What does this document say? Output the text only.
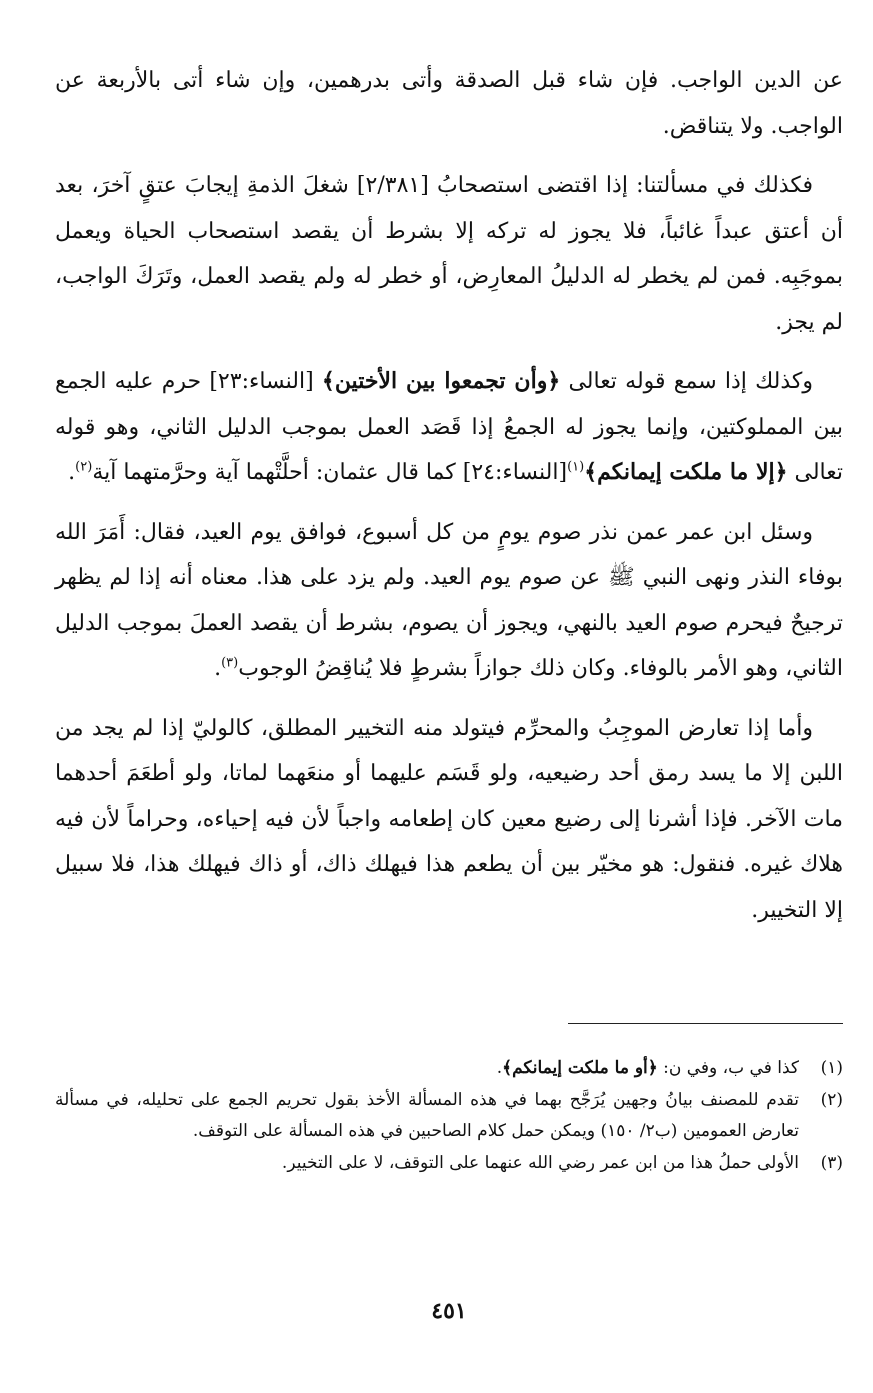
عن الدين الواجب. فإن شاء قبل الصدقة وأتى بدرهمين، وإن شاء أتى بالأربعة عن الواجب. ولا يتناقض.

فكذلك في مسألتنا: إذا اقتضى استصحابُ [٢/٣٨١] شغلَ الذمةِ إيجابَ عتقٍ آخرَ، بعد أن أعتق عبداً غائباً، فلا يجوز له تركه إلا بشرط أن يقصد استصحاب الحياة ويعمل بموجَبِه. فمن لم يخطر له الدليلُ المعارِض، أو خطر له ولم يقصد العمل، وتَرَكَ الواجب، لم يجز.

وكذلك إذا سمع قوله تعالى ﴿وأن تجمعوا بين الأختين﴾ [النساء:٢٣] حرم عليه الجمع بين المملوكتين، وإنما يجوز له الجمعُ إذا قَصَد العمل بموجب الدليل الثاني، وهو قوله تعالى ﴿إلا ما ملكت إيمانكم﴾$^{(١)}$[النساء:٢٤] كما قال عثمان: أحلَّتْهما آية وحرَّمتهما آية$^{(٢)}$.

وسئل ابن عمر عمن نذر صوم يومٍ من كل أسبوع، فوافق يوم العيد، فقال: أَمَرَ الله بوفاء النذر ونهى النبي ﷺ عن صوم يوم العيد. ولم يزد على هذا. معناه أنه إذا لم يظهر ترجيحٌ فيحرم صوم العيد بالنهي، ويجوز أن يصوم، بشرط أن يقصد العملَ بموجب الدليل الثاني، وهو الأمر بالوفاء. وكان ذلك جوازاً بشرطٍ فلا يُناقِضُ الوجوب$^{(٣)}$.

وأما إذا تعارض الموجِبُ والمحرِّم فيتولد منه التخيير المطلق، كالوليّ إذا لم يجد من اللبن إلا ما يسد رمق أحد رضيعيه، ولو قَسَم عليهما أو منعَهما لماتا، ولو أطعَمَ أحدهما مات الآخر. فإذا أشرنا إلى رضيع معين كان إطعامه واجباً لأن فيه إحياءه، وحراماً لأن فيه هلاك غيره. فنقول: هو مخيّر بين أن يطعم هذا فيهلك ذاك، أو ذاك فيهلك هذا، فلا سبيل إلا التخيير.

(١)
كذا في ب، وفي ن: ﴿أو ما ملكت إيمانكم﴾.
(٢)
تقدم للمصنف بيانُ وجهين يُرَجَّح بهما في هذه المسألة الأخذ بقول تحريم الجمع على تحليله، في مسألة تعارض العمومين (ب٢/ ١٥٠) ويمكن حمل كلام الصاحبين في هذه المسألة على التوقف.
(٣)
الأولى حملُ هذا من ابن عمر رضي الله عنهما على التوقف، لا على التخيير.
٤٥١
